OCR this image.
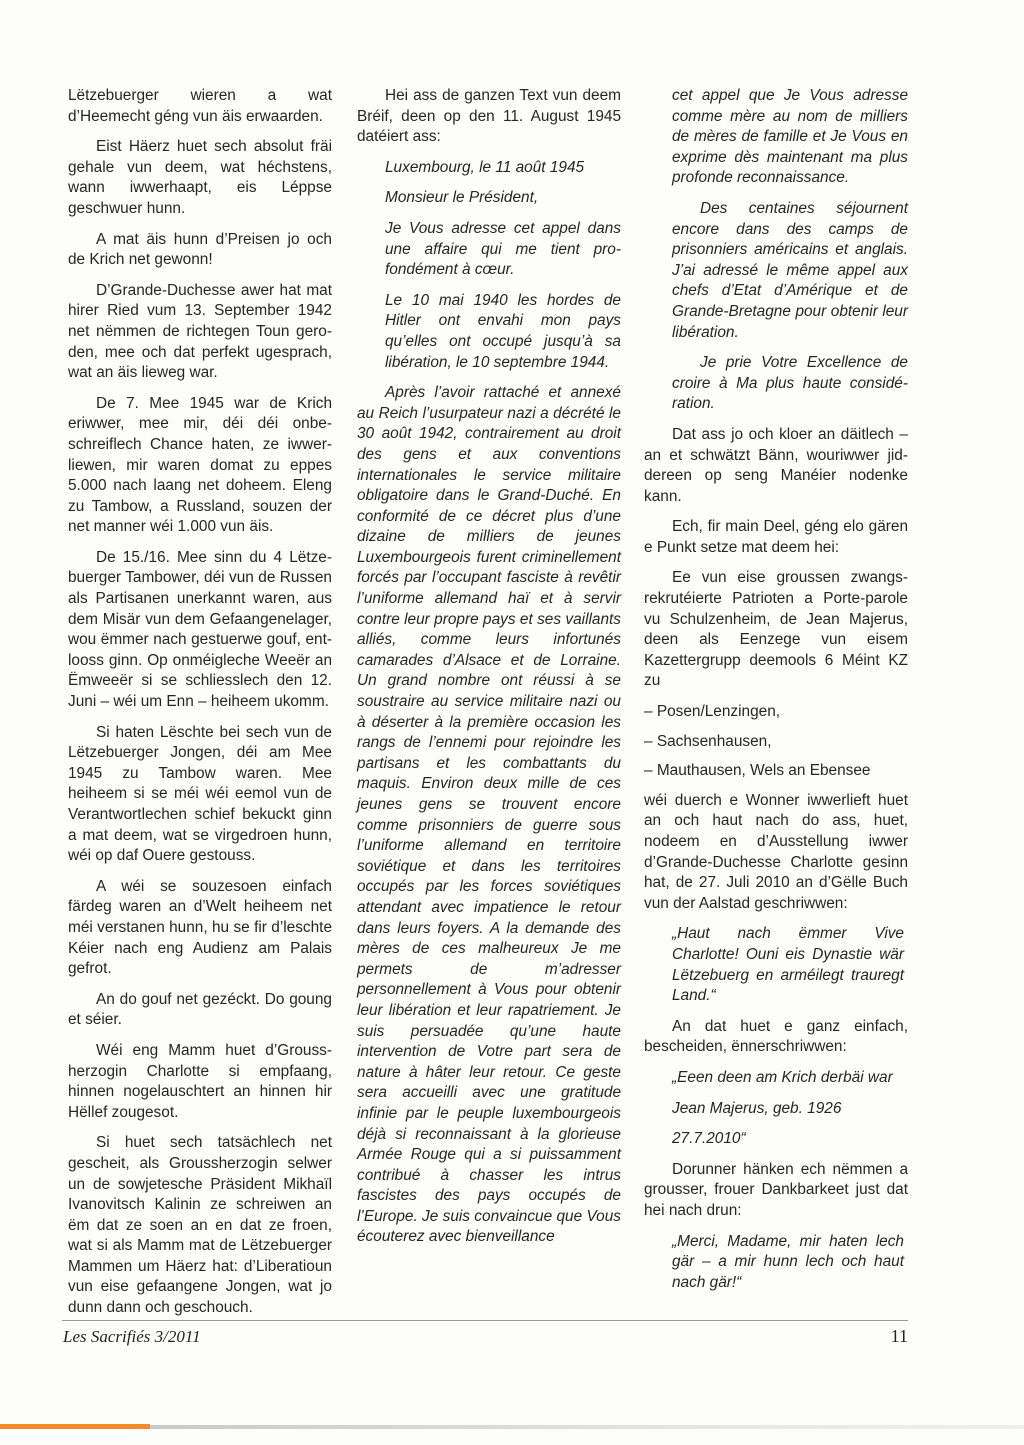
Lëtzebuerger wieren a wat d’Heemecht géng vun äis erwaarden.

Eist Häerz huet sech absolut fräi gehale vun deem, wat héchstens, wann iwwerhaapt, eis Léppse geschwuer hunn.

A mat äis hunn d’Preisen jo och de Krich net gewonn!

D’Grande-Duchesse awer hat mat hirer Ried vum 13. September 1942 net nëmmen de richtegen Toun geroden, mee och dat perfekt ugesprach, wat an äis lieweg war.

De 7. Mee 1945 war de Krich eriwwer, mee mir, déi déi onbeschreiflech Chance haten, ze iwwerliewen, mir waren domat zu eppes 5.000 nach laang net doheem. Eleng zu Tambow, a Russland, souzen der net manner wéi 1.000 vun äis.

De 15./16. Mee sinn du 4 Lëtzebuerger Tambower, déi vun de Russen als Partisanen unerkannt waren, aus dem Misär vun dem Gefaangenelager, wou ëmmer nach gestuerwe gouf, entlooss ginn. Op onméigleche Weeër an Ëmweeër si se schliesslech den 12. Juni – wéi um Enn – heiheem ukomm.

Si haten Lëschte bei sech vun de Lëtzebuerger Jongen, déi am Mee 1945 zu Tambow waren. Mee heiheem si se méi wéi eemol vun de Verantwortlechen schief bekuckt ginn a mat deem, wat se virgedroen hunn, wéi op daf Ouere gestouss.

A wéi se souzesoen einfach färdeg waren an d’Welt heiheem net méi verstanen hunn, hu se fir d’leschte Kéier nach eng Audienz am Palais gefrot.

An do gouf net gezéckt. Do goung et séier.

Wéi eng Mamm huet d’Groussherzogin Charlotte si empfaang, hinnen nogelauschtert an hinnen hir Hëllef zougesot.

Si huet sech tatsächlech net gescheit, als Groussherzogin selwer un de sowjetesche Präsident Mikhaïl Ivanovitsch Kalinin ze schreiwen an ëm dat ze soen an en dat ze froen, wat si als Mamm mat de Lëtzebuerger Mammen um Häerz hat: d’Liberatioun vun eise gefaangene Jongen, wat jo dunn dann och geschouch.

Hei ass de ganzen Text vun deem Bréif, deen op den 11. August 1945 datéiert ass:

Luxembourg, le 11 août 1945

Monsieur le Président,

Je Vous adresse cet appel dans une affaire qui me tient profondément à cœur.

Le 10 mai 1940 les hordes de Hitler ont envahi mon pays qu’elles ont occupé jusqu’à sa libération, le 10 septembre 1944.

Après l’avoir rattaché et annexé au Reich l’usurpateur nazi a décrété le 30 août 1942, contrairement au droit des gens et aux conventions internationales le service militaire obligatoire dans le Grand-Duché. En conformité de ce décret plus d’une dizaine de milliers de jeunes Luxembourgeois furent criminellement forcés par l’occupant fasciste à revêtir l’uniforme allemand haï et à servir contre leur propre pays et ses vaillants alliés, comme leurs infortunés camarades d’Alsace et de Lorraine. Un grand nombre ont réussi à se soustraire au service militaire nazi ou à déserter à la première occasion les rangs de l’ennemi pour rejoindre les partisans et les combattants du maquis. Environ deux mille de ces jeunes gens se trouvent encore comme prisonniers de guerre sous l’uniforme allemand en territoire soviétique et dans les territoires occupés par les forces soviétiques attendant avec impatience le retour dans leurs foyers. A la demande des mères de ces malheureux Je me permets de m’adresser personnellement à Vous pour obtenir leur libération et leur rapatriement. Je suis persuadée qu’une haute intervention de Votre part sera de nature à hâter leur retour. Ce geste sera accueilli avec une gratitude infinie par le peuple luxembourgeois déjà si reconnaissant à la glorieuse Armée Rouge qui a si puissamment contribué à chasser les intrus fascistes des pays occupés de l’Europe. Je suis convaincue que Vous écouterez avec bienveillance

cet appel que Je Vous adresse comme mère au nom de milliers de mères de famille et Je Vous en exprime dès maintenant ma plus profonde reconnaissance.

Des centaines séjournent encore dans des camps de prisonniers américains et anglais. J’ai adressé le même appel aux chefs d’Etat d’Amérique et de Grande-Bretagne pour obtenir leur libération.

Je prie Votre Excellence de croire à Ma plus haute considération.

Dat ass jo och kloer an däitlech – an et schwätzt Bänn, wouriwwer jiddereen op seng Manéier nodenke kann.

Ech, fir main Deel, géng elo gären e Punkt setze mat deem hei:

Ee vun eise groussen zwangsrekrutéierte Patrioten a Porte-parole vu Schulzenheim, de Jean Majerus, deen als Eenzege vun eisem Kazettergrupp deemools 6 Méint KZ zu

– Posen/Lenzingen,

– Sachsenhausen,

– Mauthausen, Wels an Ebensee

wéi duerch e Wonner iwwerlieft huet an och haut nach do ass, huet, nodeem en d’Ausstellung iwwer d’Grande-Duchesse Charlotte gesinn hat, de 27. Juli 2010 an d’Gëlle Buch vun der Aalstad geschriwwen:

„Haut nach ëmmer Vive Charlotte! Ouni eis Dynastie wär Lëtzebuerg en arméilegt trauregt Land.“

An dat huet e ganz einfach, bescheiden, ënnerschriwwen:

„Eeen deen am Krich derbäi war

Jean Majerus, geb. 1926

27.7.2010“

Dorunner hänken ech nëmmen a grousser, frouer Dankbarkeet just dat hei nach drun:

„Merci, Madame, mir haten lech gär – a mir hunn lech och haut nach gär!“

Les Sacrifiés 3/2011	11
